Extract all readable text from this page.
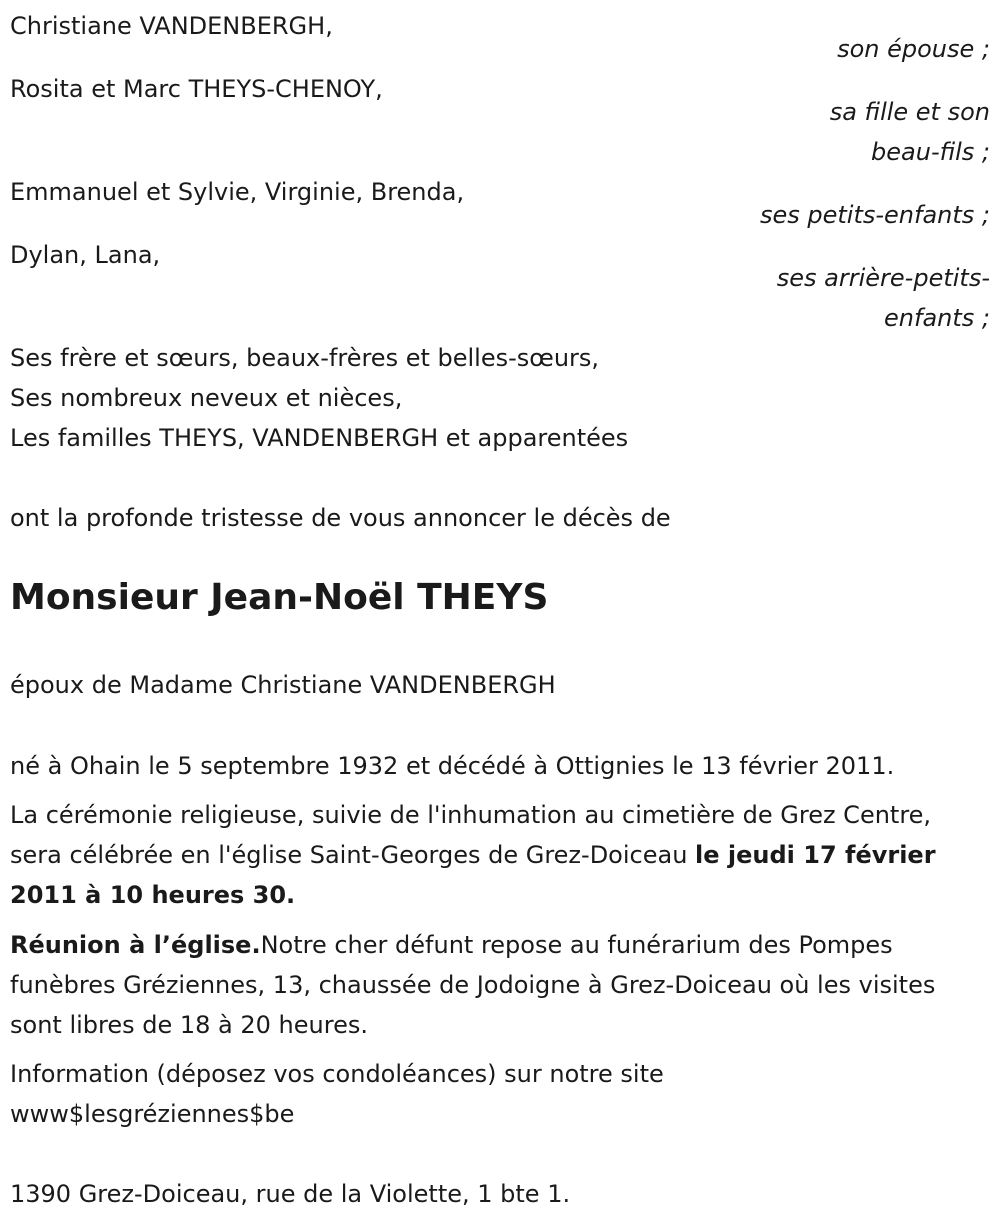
Christiane VANDENBERGH,
son épouse ;
Rosita et Marc THEYS-CHENOY,
sa fille et son
beau-fils ;
Emmanuel et Sylvie, Virginie, Brenda,
ses petits-enfants ;
Dylan, Lana,
ses arrière-petits-
enfants ;
Ses frère et sœurs, beaux-frères et belles-sœurs,
Ses nombreux neveux et nièces,
Les familles THEYS, VANDENBERGH et apparentées
ont la profonde tristesse de vous annoncer le décès de
Monsieur Jean-Noël THEYS
époux de Madame Christiane VANDENBERGH
né à Ohain le 5 septembre 1932 et décédé à Ottignies le 13 février 2011.
La cérémonie religieuse, suivie de l'inhumation au cimetière de Grez Centre, sera célébrée en l'église Saint-Georges de Grez-Doiceau le jeudi 17 février 2011 à 10 heures 30.
Réunion à l’église.Notre cher défunt repose au funérarium des Pompes funèbres Gréziennes, 13, chaussée de Jodoigne à Grez-Doiceau où les visites sont libres de 18 à 20 heures.
Information (déposez vos condoléances) sur notre site
www$lesgréziennes$be
1390 Grez-Doiceau, rue de la Violette, 1 bte 1.
